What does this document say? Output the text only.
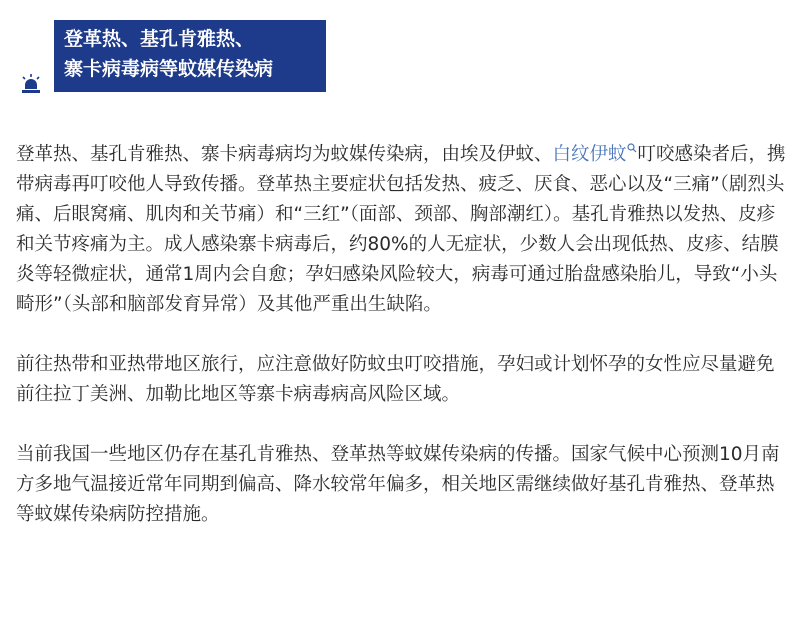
登革热、基孔肯雅热、
寨卡病毒病等蚊媒传染病

登革热、基孔肯雅热、寨卡病毒病均为蚊媒传染病，由埃及伊蚊、白纹伊蚊 叮咬感染者后，携带病毒再叮咬他人导致传播。登革热主要症状包括发热、疲乏、厌食、恶心以及“三痛”（剧烈头痛、后眼窝痛、肌肉和关节痛）和“三红”（面部、颈部、胸部潮红）。基孔肯雅热以发热、皮疹和关节疼痛为主。成人感染寨卡病毒后，约80%的人无症状，少数人会出现低热、皮疹、结膜炎等轻微症状，通常1周内会自愈；孕妇感染风险较大，病毒可通过胎盘感染胎儿，导致“小头畸形”（头部和脑部发育异常）及其他严重出生缺陷。

前往热带和亚热带地区旅行，应注意做好防蚊虫叮咬措施，孕妇或计划怀孕的女性应尽量避免前往拉丁美洲、加勒比地区等寨卡病毒病高风险区域。

当前我国一些地区仍存在基孔肯雅热、登革热等蚊媒传染病的传播。国家气候中心预测10月南方多地气温接近常年同期到偏高、降水较常年偏多，相关地区需继续做好基孔肯雅热、登革热等蚊媒传染病防控措施。
